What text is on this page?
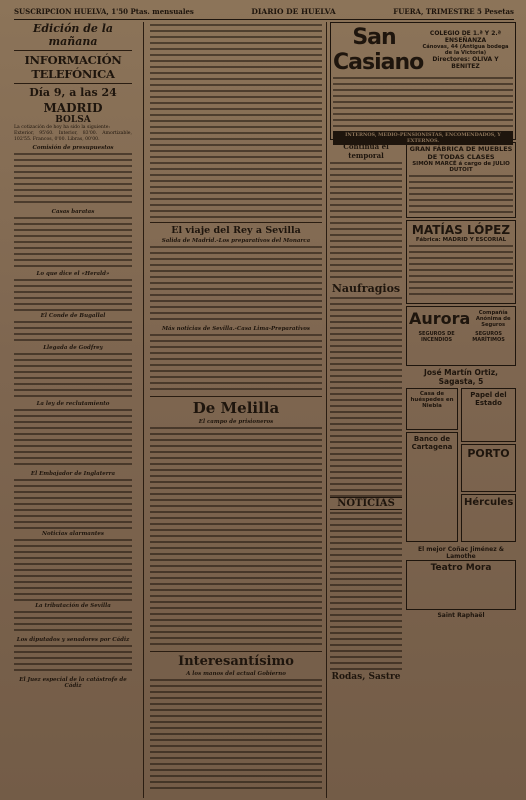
SUSCRIPCION HUELVA, 1'50 Ptas. mensuales	DIARIO DE HUELVA	FUERA, TRIMESTRE 5 Pesetas
Edición de la mañana
INFORMACIÓN TELEFÓNICA
Día 9, a las 24
MADRID
BOLSA
La cotización de hoy ha sido la siguiente:
Exterior, 95'60. Interior, 83'00. Amortizable, 102'55. Francos, 0'00. Libras, 00'00.
Comisión de presupuestos
Casas baratas
Lo que dice el «Herald»
El Conde de Bugallal
Llegada de Godfrey
La ley de reclutamiento
El Embajador de Inglaterra
Noticias alarmantes
La tributación de Sevilla
Los diputados y senadores por Cádiz
El Juez especial de la catástrofe de Cádiz
El viaje del Rey a Sevilla
Salida de Madrid.-Los preparativos del Monarca
Más noticias de Sevilla.-Casa Lima-Preparativos
De Melilla
El campo de prisioneros
Interesantísimo
A los manos del actual Gobierno
San Casiano
COLEGIO DE 1.ª Y 2.ª ENSEÑANZA
Cánovas, 44 (Antigua bodega de la Victoria)
Directores: OLIVA Y BENITEZ
INTERNOS, MEDIO-PENSIONISTAS, ENCOMENDADOS, Y EXTERNOS.
Continúa el temporal
Naufragios
NOTICIAS
Rodas, Sastre
GRAN FÁBRICA DE MUEBLES DE TODAS CLASES
SIMÓN MARCÉ á cargo de JULIO DUTOIT
MATÍAS LÓPEZ
Fábrica: MADRID Y ESCORIAL
Aurora	Compañía Anónima de Seguros
SEGUROS DE INCENDIOS
SEGUROS MARÍTIMOS
José Martín Ortiz, Sagasta, 5
Casa de huéspedes en Niebla
Banco de Cartagena
Papel del Estado
PORTO
Hércules
El mejor Coñac Jiménez & Lamothe
Teatro Mora
Saint Raphaël
